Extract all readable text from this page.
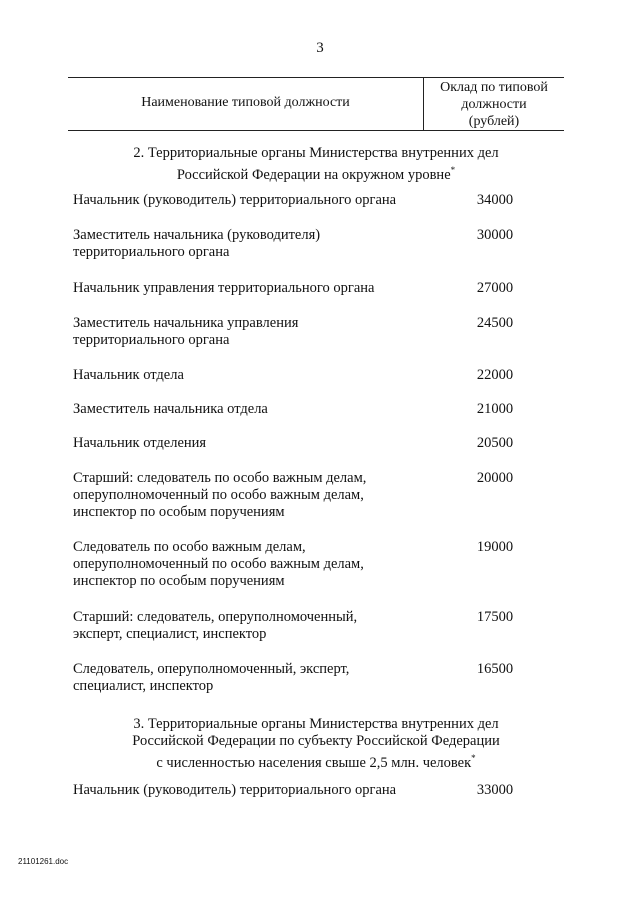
3
Наименование типовой должности
Оклад по типовой
должности
(рублей)
2. Территориальные органы Министерства внутренних дел
Российской Федерации на окружном уровне*
Начальник (руководитель) территориального органа	34000
Заместитель начальника (руководителя)
территориального органа
30000
Начальник управления территориального органа	27000
Заместитель начальника управления
территориального органа
24500
Начальник отдела	22000
Заместитель начальника отдела	21000
Начальник отделения	20500
Старший: следователь по особо важным делам,
оперуполномоченный по особо важным делам,
инспектор по особым поручениям
20000
Следователь по особо важным делам,
оперуполномоченный по особо важным делам,
инспектор по особым поручениям
19000
Старший: следователь, оперуполномоченный,
эксперт, специалист, инспектор
17500
Следователь, оперуполномоченный, эксперт,
специалист, инспектор
16500
3. Территориальные органы Министерства внутренних дел
Российской Федерации по субъекту Российской Федерации
с численностью населения свыше 2,5 млн. человек*
Начальник (руководитель) территориального органа	33000
21101261.doc
